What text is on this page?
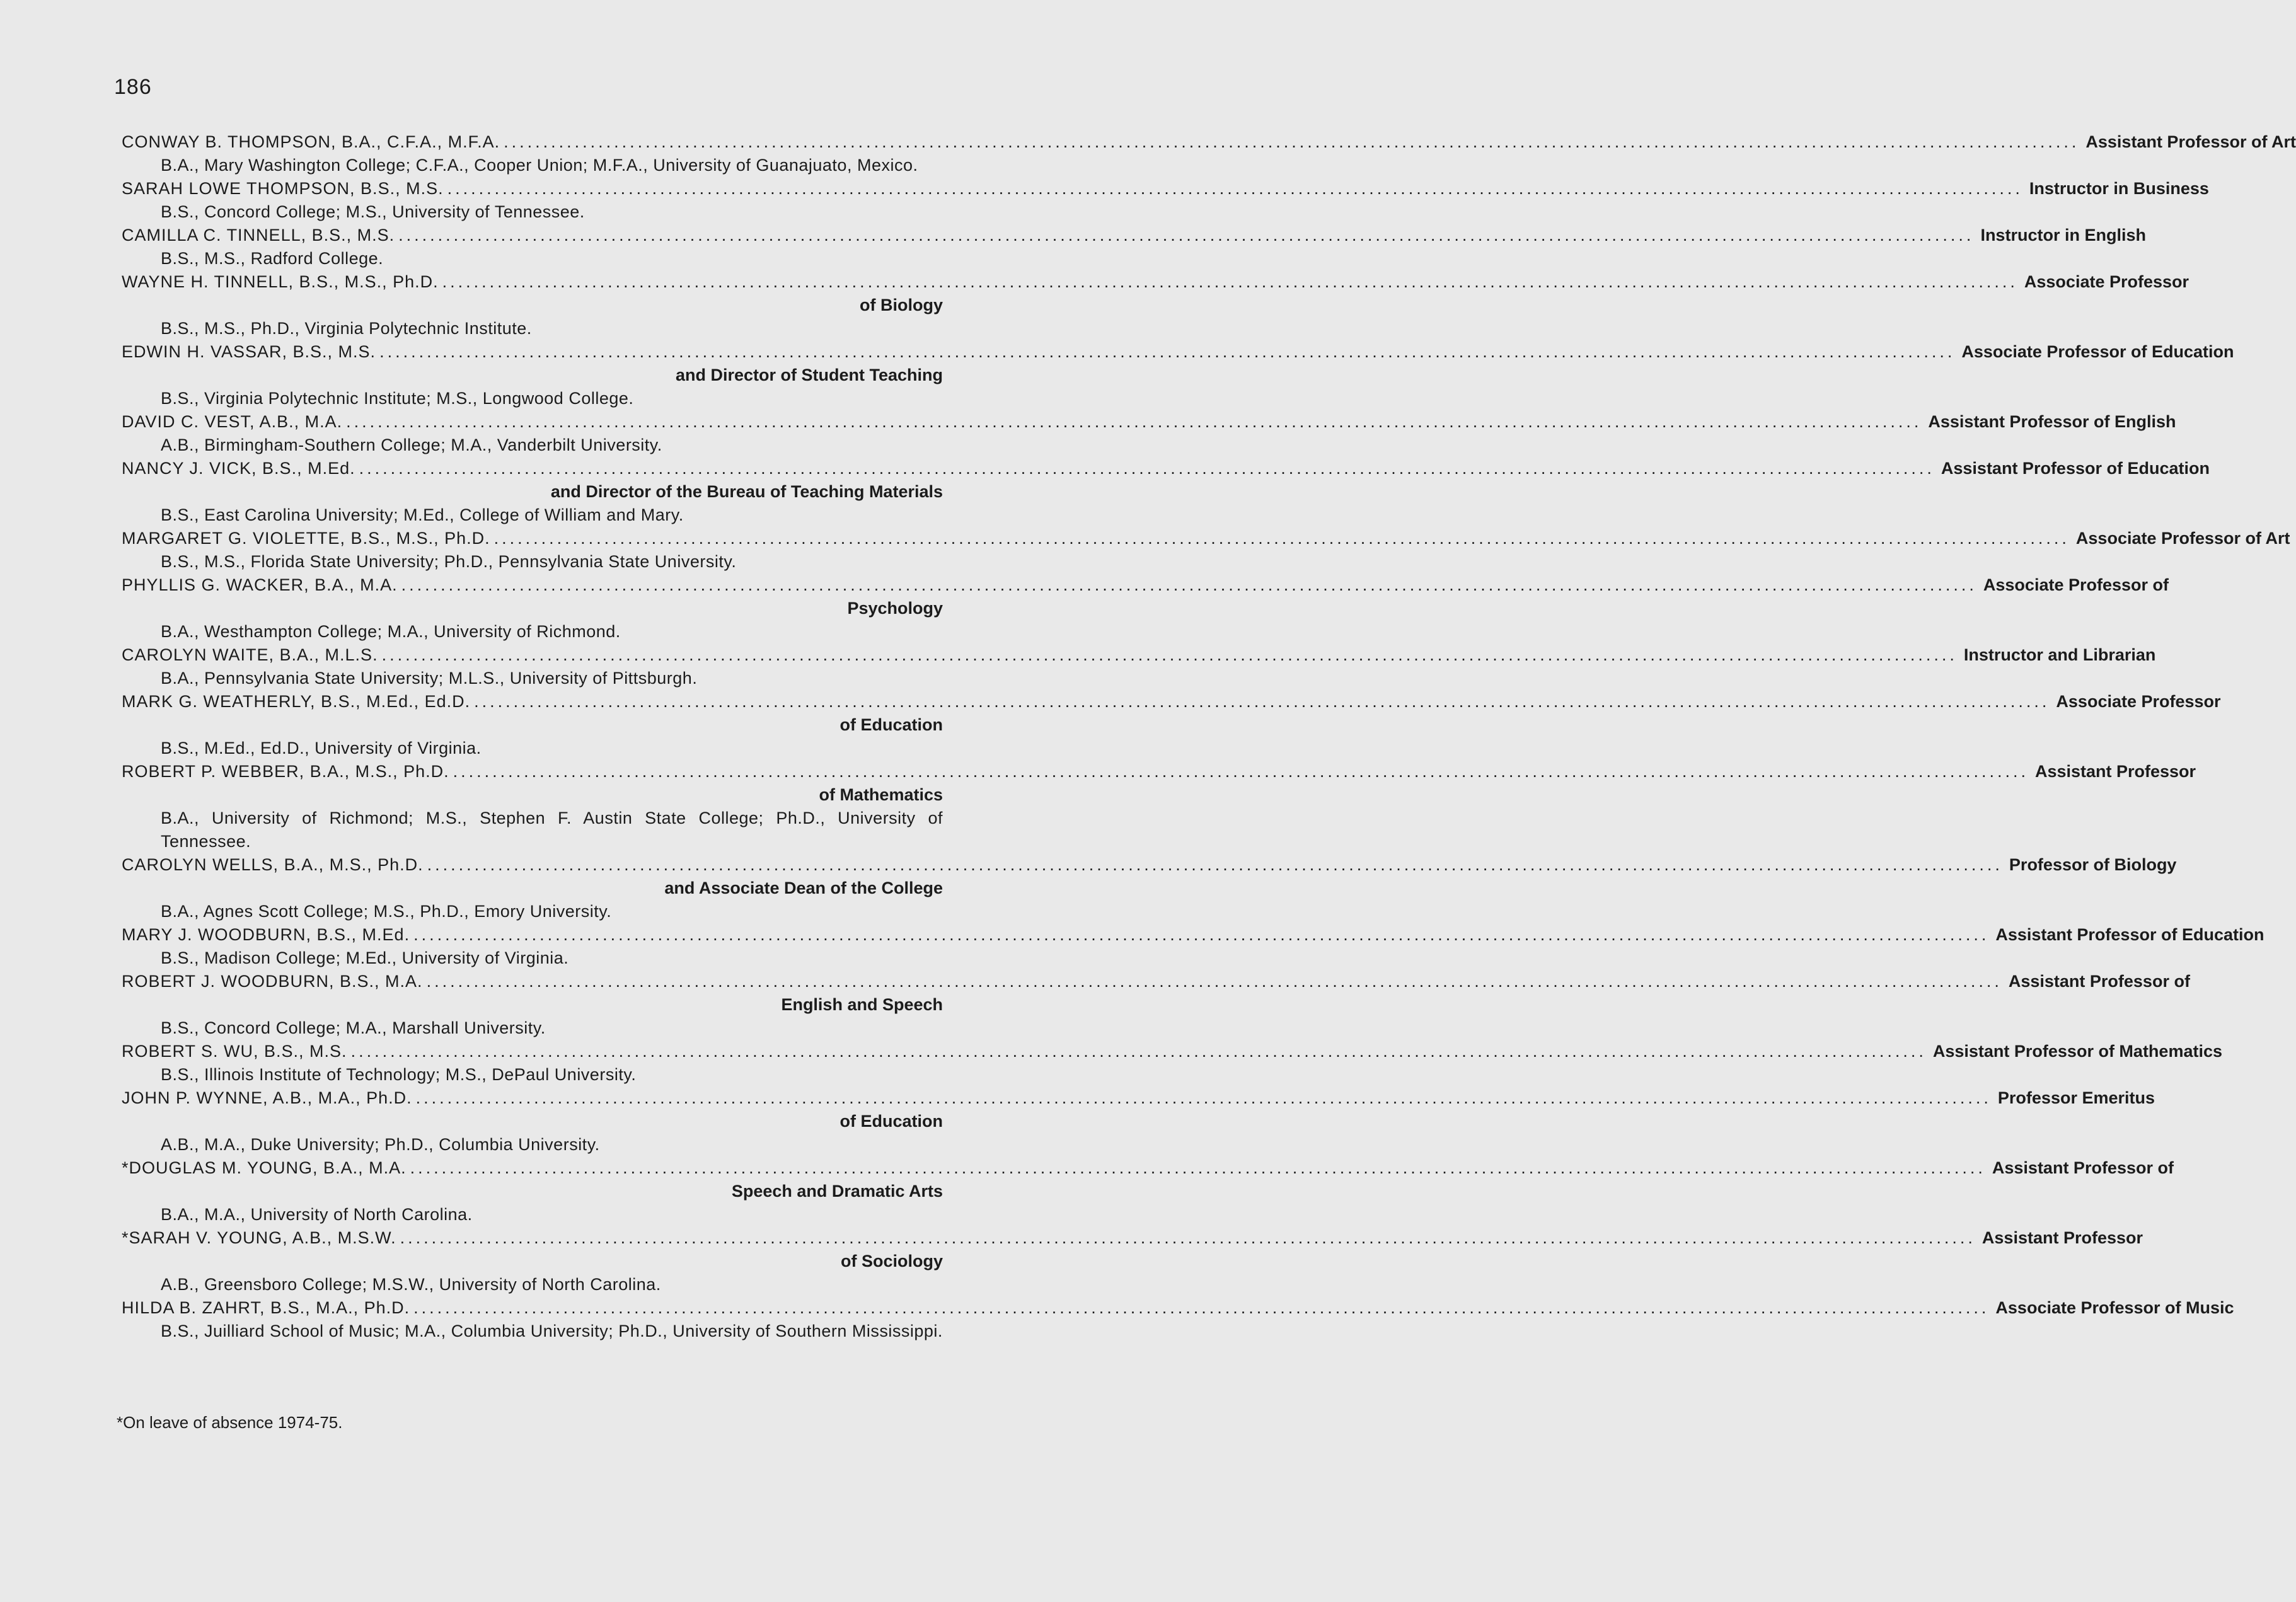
186
CONWAY B. THOMPSON, B.A., C.F.A., M.F.A. ........................................................................................................................................................................................................ Assistant Professor of Art
B.A., Mary Washington College; C.F.A., Cooper Union; M.F.A., University of Guanajuato, Mexico.
SARAH LOWE THOMPSON, B.S., M.S. ........................................................................................................................................................................................................ Instructor in Business
B.S., Concord College; M.S., University of Tennessee.
CAMILLA C. TINNELL, B.S., M.S. ........................................................................................................................................................................................................ Instructor in English
B.S., M.S., Radford College.
WAYNE H. TINNELL, B.S., M.S., Ph.D. ........................................................................................................................................................................................................ Associate Professor
of Biology
B.S., M.S., Ph.D., Virginia Polytechnic Institute.
EDWIN H. VASSAR, B.S., M.S. ........................................................................................................................................................................................................ Associate Professor of Education
and Director of Student Teaching
B.S., Virginia Polytechnic Institute; M.S., Longwood College.
DAVID C. VEST, A.B., M.A. ........................................................................................................................................................................................................ Assistant Professor of English
A.B., Birmingham-Southern College; M.A., Vanderbilt University.
NANCY J. VICK, B.S., M.Ed. ........................................................................................................................................................................................................ Assistant Professor of Education
and Director of the Bureau of Teaching Materials
B.S., East Carolina University; M.Ed., College of William and Mary.
MARGARET G. VIOLETTE, B.S., M.S., Ph.D. ........................................................................................................................................................................................................ Associate Professor of Art
B.S., M.S., Florida State University; Ph.D., Pennsylvania State University.
PHYLLIS G. WACKER, B.A., M.A. ........................................................................................................................................................................................................ Associate Professor of
Psychology
B.A., Westhampton College; M.A., University of Richmond.
CAROLYN WAITE, B.A., M.L.S. ........................................................................................................................................................................................................ Instructor and Librarian
B.A., Pennsylvania State University; M.L.S., University of Pittsburgh.
MARK G. WEATHERLY, B.S., M.Ed., Ed.D. ........................................................................................................................................................................................................ Associate Professor
of Education
B.S., M.Ed., Ed.D., University of Virginia.
ROBERT P. WEBBER, B.A., M.S., Ph.D. ........................................................................................................................................................................................................ Assistant Professor
of Mathematics
B.A., University of Richmond; M.S., Stephen F. Austin State College; Ph.D., University of Tennessee.
CAROLYN WELLS, B.A., M.S., Ph.D. ........................................................................................................................................................................................................ Professor of Biology
and Associate Dean of the College
B.A., Agnes Scott College; M.S., Ph.D., Emory University.
MARY J. WOODBURN, B.S., M.Ed. ........................................................................................................................................................................................................ Assistant Professor of Education
B.S., Madison College; M.Ed., University of Virginia.
ROBERT J. WOODBURN, B.S., M.A. ........................................................................................................................................................................................................ Assistant Professor of
English and Speech
B.S., Concord College; M.A., Marshall University.
ROBERT S. WU, B.S., M.S. ........................................................................................................................................................................................................ Assistant Professor of Mathematics
B.S., Illinois Institute of Technology; M.S., DePaul University.
JOHN P. WYNNE, A.B., M.A., Ph.D. ........................................................................................................................................................................................................ Professor Emeritus
of Education
A.B., M.A., Duke University; Ph.D., Columbia University.
*DOUGLAS M. YOUNG, B.A., M.A. ........................................................................................................................................................................................................ Assistant Professor of
Speech and Dramatic Arts
B.A., M.A., University of North Carolina.
*SARAH V. YOUNG, A.B., M.S.W. ........................................................................................................................................................................................................ Assistant Professor
of Sociology
A.B., Greensboro College; M.S.W., University of North Carolina.
HILDA B. ZAHRT, B.S., M.A., Ph.D. ........................................................................................................................................................................................................ Associate Professor of Music
B.S., Juilliard School of Music; M.A., Columbia University; Ph.D., University of Southern Mississippi.
*On leave of absence 1974-75.
